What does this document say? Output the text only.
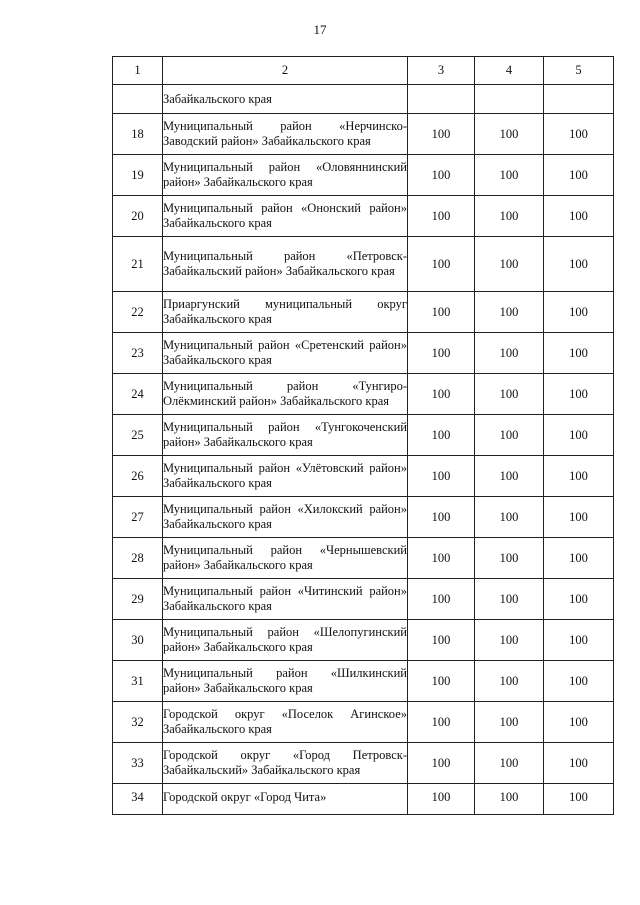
17
1	2	3	4	5
	Забайкальского края			
18	Муниципальный район «Нерчинско-Заводский район» Забайкальского края	100	100	100
19	Муниципальный район «Оловяннинский район» Забайкальского края	100	100	100
20	Муниципальный район «Ононский район» Забайкальского края	100	100	100
21	Муниципальный район «Петровск-Забайкальский район» Забайкальского края	100	100	100
22	Приаргунский муниципальный округ Забайкальского края	100	100	100
23	Муниципальный район «Сретенский район» Забайкальского края	100	100	100
24	Муниципальный район «Тунгиро-Олёкминский район» Забайкальского края	100	100	100
25	Муниципальный район «Тунгокоченский район» Забайкальского края	100	100	100
26	Муниципальный район «Улётовский район» Забайкальского края	100	100	100
27	Муниципальный район «Хилокский район» Забайкальского края	100	100	100
28	Муниципальный район «Чернышевский район» Забайкальского края	100	100	100
29	Муниципальный район «Читинский район» Забайкальского края	100	100	100
30	Муниципальный район «Шелопугинский район» Забайкальского края	100	100	100
31	Муниципальный район «Шилкинский район» Забайкальского края	100	100	100
32	Городской округ «Поселок Агинское» Забайкальского края	100	100	100
33	Городской округ «Город Петровск-Забайкальский» Забайкальского края	100	100	100
34	Городской округ «Город Чита»	100	100	100
